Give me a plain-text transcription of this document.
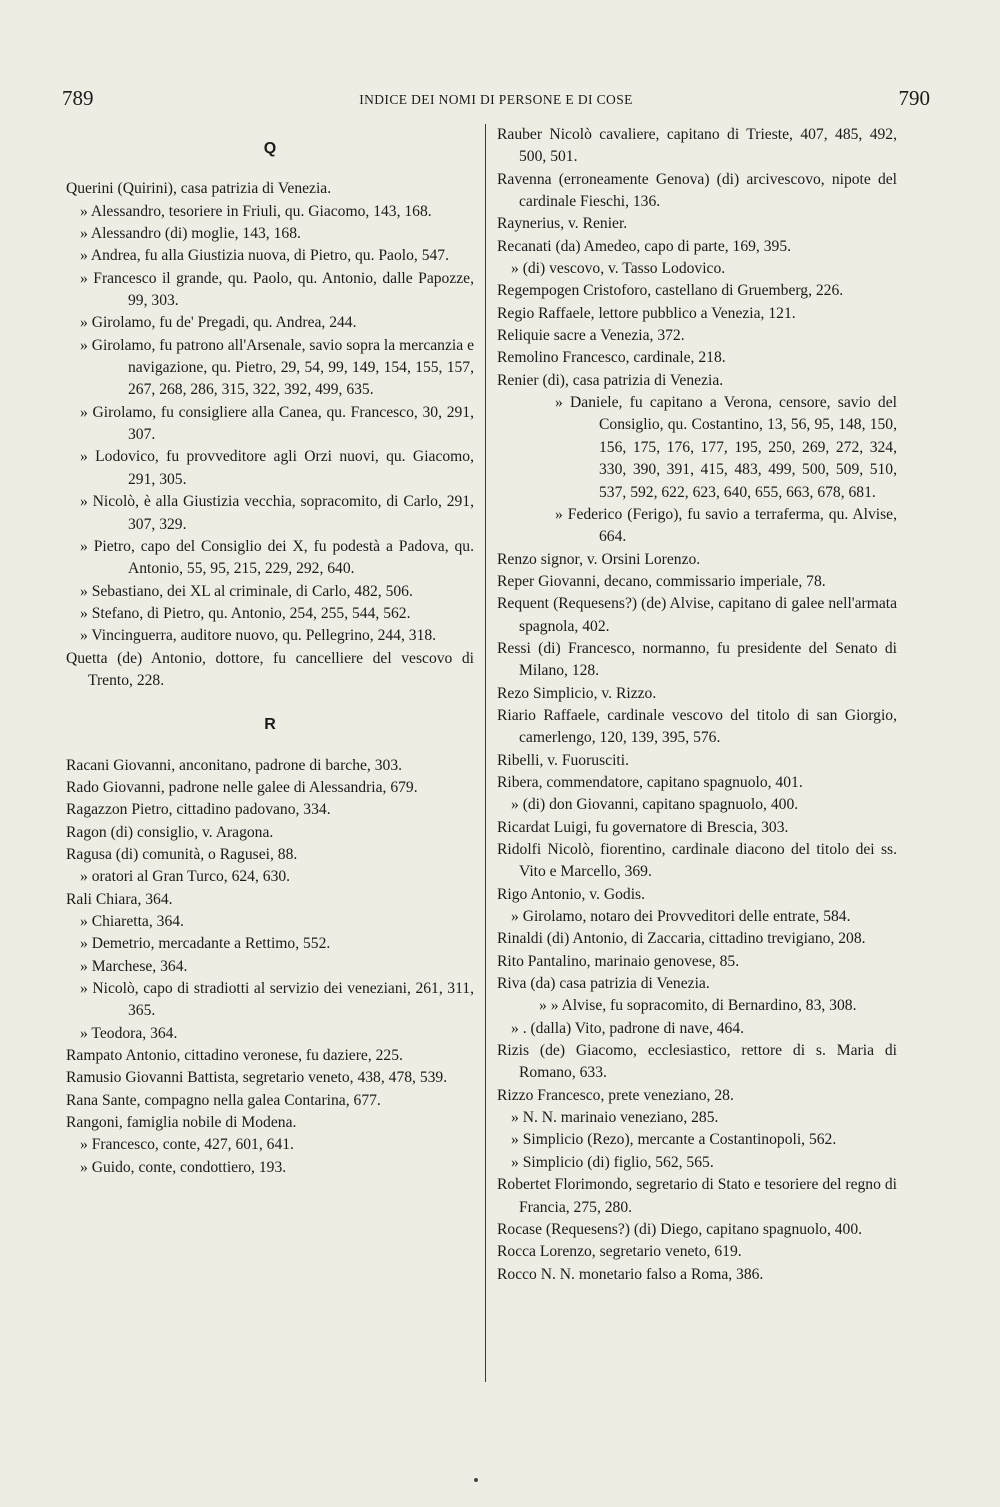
789	INDICE DEI NOMI DI PERSONE E DI COSE	790

Q

Querini (Quirini), casa patrizia di Venezia.

» Alessandro, tesoriere in Friuli, qu. Giacomo, 143, 168.

» Alessandro (di) moglie, 143, 168.

» Andrea, fu alla Giustizia nuova, di Pietro, qu. Paolo, 547.

» Francesco il grande, qu. Paolo, qu. Antonio, dalle Papozze, 99, 303.

» Girolamo, fu de' Pregadi, qu. Andrea, 244.

» Girolamo, fu patrono all'Arsenale, savio sopra la mercanzia e navigazione, qu. Pietro, 29, 54, 99, 149, 154, 155, 157, 267, 268, 286, 315, 322, 392, 499, 635.

» Girolamo, fu consigliere alla Canea, qu. Francesco, 30, 291, 307.

» Lodovico, fu provveditore agli Orzi nuovi, qu. Giacomo, 291, 305.

» Nicolò, è alla Giustizia vecchia, sopracomito, di Carlo, 291, 307, 329.

» Pietro, capo del Consiglio dei X, fu podestà a Padova, qu. Antonio, 55, 95, 215, 229, 292, 640.

» Sebastiano, dei XL al criminale, di Carlo, 482, 506.

» Stefano, di Pietro, qu. Antonio, 254, 255, 544, 562.

» Vincinguerra, auditore nuovo, qu. Pellegrino, 244, 318.

Quetta (de) Antonio, dottore, fu cancelliere del vescovo di Trento, 228.

R

Racani Giovanni, anconitano, padrone di barche, 303.

Rado Giovanni, padrone nelle galee di Alessandria, 679.

Ragazzon Pietro, cittadino padovano, 334.

Ragon (di) consiglio, v. Aragona.

Ragusa (di) comunità, o Ragusei, 88.

» oratori al Gran Turco, 624, 630.

Rali Chiara, 364.

» Chiaretta, 364.

» Demetrio, mercadante a Rettimo, 552.

» Marchese, 364.

» Nicolò, capo di stradiotti al servizio dei veneziani, 261, 311, 365.

» Teodora, 364.

Rampato Antonio, cittadino veronese, fu daziere, 225.

Ramusio Giovanni Battista, segretario veneto, 438, 478, 539.

Rana Sante, compagno nella galea Contarina, 677.

Rangoni, famiglia nobile di Modena.

» Francesco, conte, 427, 601, 641.

» Guido, conte, condottiero, 193.

Rauber Nicolò cavaliere, capitano di Trieste, 407, 485, 492, 500, 501.

Ravenna (erroneamente Genova) (di) arcivescovo, nipote del cardinale Fieschi, 136.

Raynerius, v. Renier.

Recanati (da) Amedeo, capo di parte, 169, 395.

» (di) vescovo, v. Tasso Lodovico.

Regempogen Cristoforo, castellano di Gruemberg, 226.

Regio Raffaele, lettore pubblico a Venezia, 121.

Reliquie sacre a Venezia, 372.

Remolino Francesco, cardinale, 218.

Renier (di), casa patrizia di Venezia.

» Daniele, fu capitano a Verona, censore, savio del Consiglio, qu. Costantino, 13, 56, 95, 148, 150, 156, 175, 176, 177, 195, 250, 269, 272, 324, 330, 390, 391, 415, 483, 499, 500, 509, 510, 537, 592, 622, 623, 640, 655, 663, 678, 681.

» Federico (Ferigo), fu savio a terraferma, qu. Alvise, 664.

Renzo signor, v. Orsini Lorenzo.

Reper Giovanni, decano, commissario imperiale, 78.

Requent (Requesens?) (de) Alvise, capitano di galee nell'armata spagnola, 402.

Ressi (di) Francesco, normanno, fu presidente del Senato di Milano, 128.

Rezo Simplicio, v. Rizzo.

Riario Raffaele, cardinale vescovo del titolo di san Giorgio, camerlengo, 120, 139, 395, 576.

Ribelli, v. Fuorusciti.

Ribera, commendatore, capitano spagnuolo, 401.

» (di) don Giovanni, capitano spagnuolo, 400.

Ricardat Luigi, fu governatore di Brescia, 303.

Ridolfi Nicolò, fiorentino, cardinale diacono del titolo dei ss. Vito e Marcello, 369.

Rigo Antonio, v. Godis.

» Girolamo, notaro dei Provveditori delle entrate, 584.

Rinaldi (di) Antonio, di Zaccaria, cittadino trevigiano, 208.

Rito Pantalino, marinaio genovese, 85.

Riva (da) casa patrizia di Venezia.

» » Alvise, fu sopracomito, di Bernardino, 83, 308.

» . (dalla) Vito, padrone di nave, 464.

Rizis (de) Giacomo, ecclesiastico, rettore di s. Maria di Romano, 633.

Rizzo Francesco, prete veneziano, 28.

» N. N. marinaio veneziano, 285.

» Simplicio (Rezo), mercante a Costantinopoli, 562.

» Simplicio (di) figlio, 562, 565.

Robertet Florimondo, segretario di Stato e tesoriere del regno di Francia, 275, 280.

Rocase (Requesens?) (di) Diego, capitano spagnuolo, 400.

Rocca Lorenzo, segretario veneto, 619.

Rocco N. N. monetario falso a Roma, 386.
